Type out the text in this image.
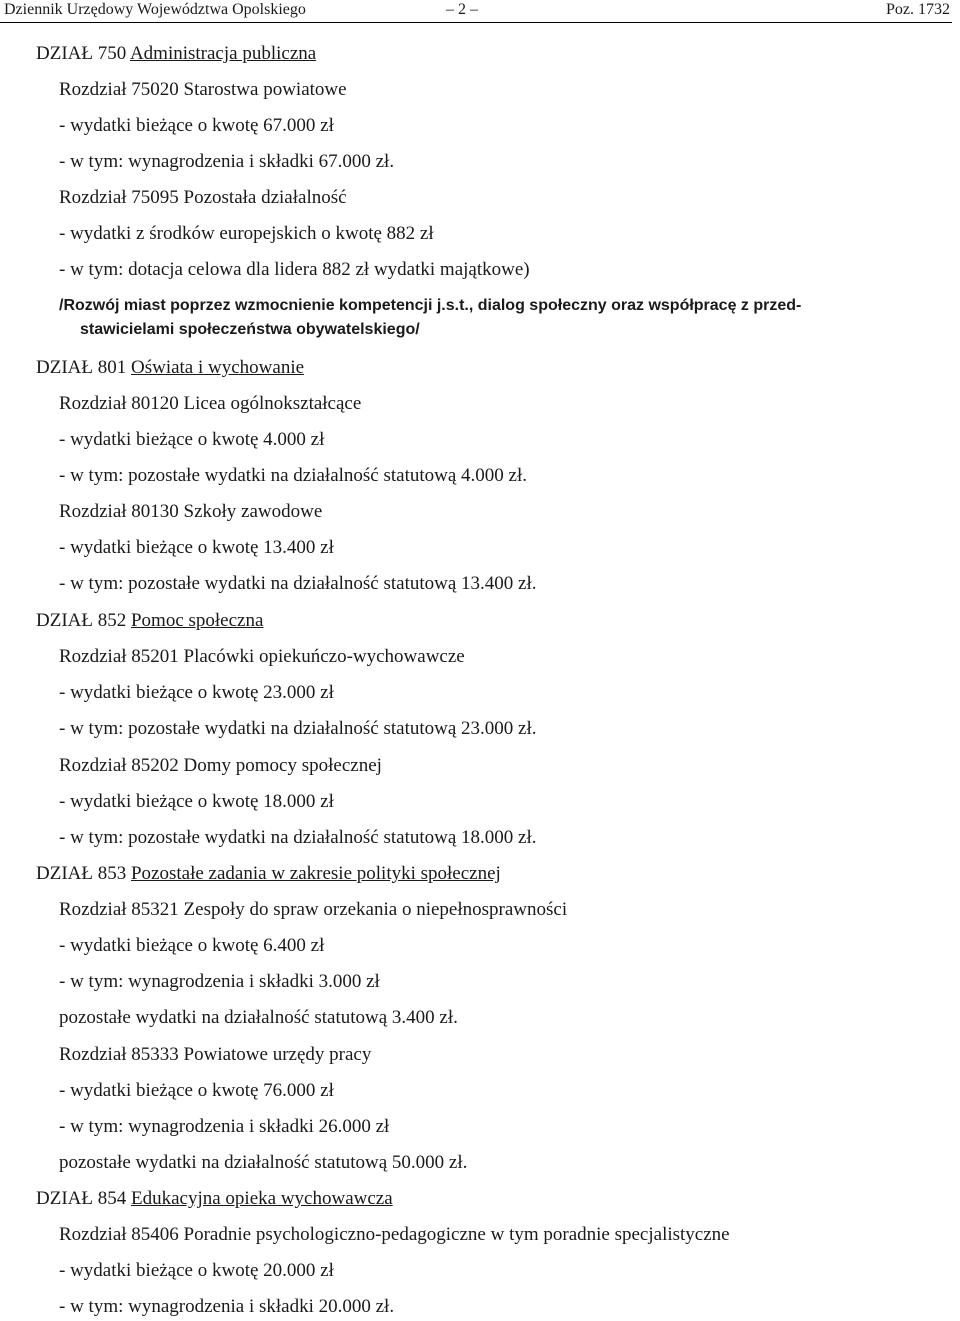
Dziennik Urzędowy Województwa Opolskiego	– 2 –	Poz. 1732
DZIAŁ 750 Administracja publiczna
Rozdział 75020 Starostwa powiatowe
- wydatki bieżące o kwotę 67.000 zł
- w tym: wynagrodzenia i składki 67.000 zł.
Rozdział 75095 Pozostała działalność
- wydatki z środków europejskich o kwotę 882 zł
- w tym: dotacja celowa dla lidera 882 zł wydatki majątkowe)
/Rozwój miast poprzez wzmocnienie kompetencji j.s.t., dialog społeczny oraz współpracę z przed-
stawicielami społeczeństwa obywatelskiego/
DZIAŁ 801 Oświata i wychowanie
Rozdział 80120 Licea ogólnokształcące
- wydatki bieżące o kwotę 4.000 zł
- w tym: pozostałe wydatki na działalność statutową 4.000 zł.
Rozdział 80130 Szkoły zawodowe
- wydatki bieżące o kwotę 13.400 zł
- w tym: pozostałe wydatki na działalność statutową 13.400 zł.
DZIAŁ 852 Pomoc społeczna
Rozdział 85201 Placówki opiekuńczo-wychowawcze
- wydatki bieżące o kwotę 23.000 zł
- w tym: pozostałe wydatki na działalność statutową 23.000 zł.
Rozdział 85202 Domy pomocy społecznej
- wydatki bieżące o kwotę 18.000 zł
- w tym: pozostałe wydatki na działalność statutową 18.000 zł.
DZIAŁ 853 Pozostałe zadania w zakresie polityki społecznej
Rozdział 85321 Zespoły do spraw orzekania o niepełnosprawności
- wydatki bieżące o kwotę 6.400 zł
- w tym: wynagrodzenia i składki 3.000 zł
pozostałe wydatki na działalność statutową 3.400 zł.
Rozdział 85333 Powiatowe urzędy pracy
- wydatki bieżące o kwotę 76.000 zł
- w tym: wynagrodzenia i składki 26.000 zł
pozostałe wydatki na działalność statutową 50.000 zł.
DZIAŁ 854 Edukacyjna opieka wychowawcza
Rozdział 85406 Poradnie psychologiczno-pedagogiczne w tym poradnie specjalistyczne
- wydatki bieżące o kwotę 20.000 zł
- w tym: wynagrodzenia i składki 20.000 zł.
